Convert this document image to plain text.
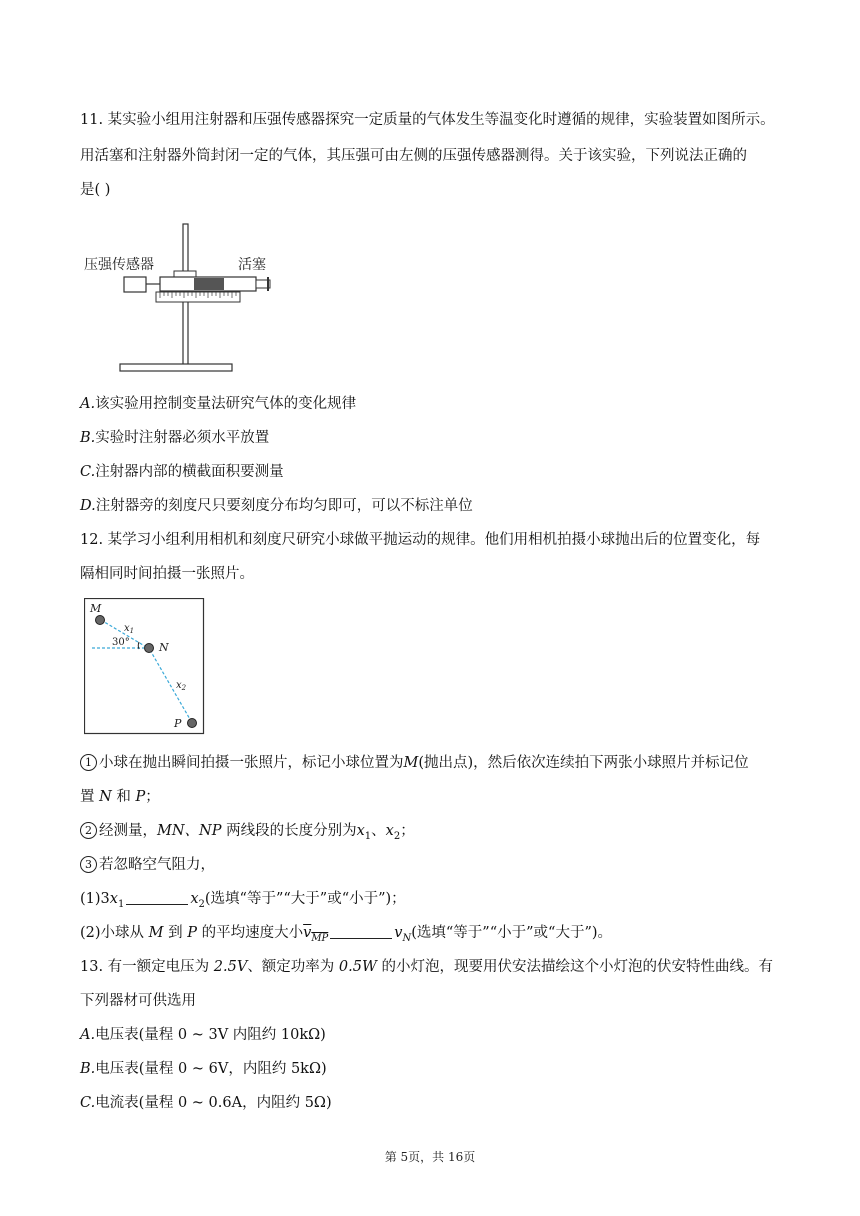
11. 某实验小组用注射器和压强传感器探究一定质量的气体发生等温变化时遵循的规律，实验装置如图所示。
用活塞和注射器外筒封闭一定的气体，其压强可由左侧的压强传感器测得。关于该实验，下列说法正确的
是( )
压强传感器	活塞
A.该实验用控制变量法研究气体的变化规律
B.实验时注射器必须水平放置
C.注射器内部的横截面积要测量
D.注射器旁的刻度尺只要刻度分布均匀即可，可以不标注单位
12. 某学习小组利用相机和刻度尺研究小球做平抛运动的规律。他们用相机拍摄小球抛出后的位置变化，每
隔相同时间拍摄一张照片。
M
N
P
$x_1$
$x_2$
30°
1 小球在抛出瞬间拍摄一张照片，标记小球位置为M(抛出点)，然后依次连续拍下两张小球照片并标记位
置 N 和 P；
2 经测量，MN、NP 两线段的长度分别为$x_1$、$x_2$；
3 若忽略空气阻力，
$(1)3x_1$	$x_2$(选填“等于”“大于”或“小于”)；
(2)小球从 M 到 P 的平均速度大小$v_{MP}$	$v_N$(选填“等于”“小于”或“大于”)。
13. 有一额定电压为 2.5V、额定功率为 0.5W 的小灯泡，现要用伏安法描绘这个小灯泡的伏安特性曲线。有
下列器材可供选用
A.电压表(量程 0 ~ 3V 内阻约 10kΩ)
B.电压表(量程 0 ~ 6V，内阻约 5kΩ)
C.电流表(量程 0 ~ 0.6A，内阻约 5Ω)
第 5页，共 16页
